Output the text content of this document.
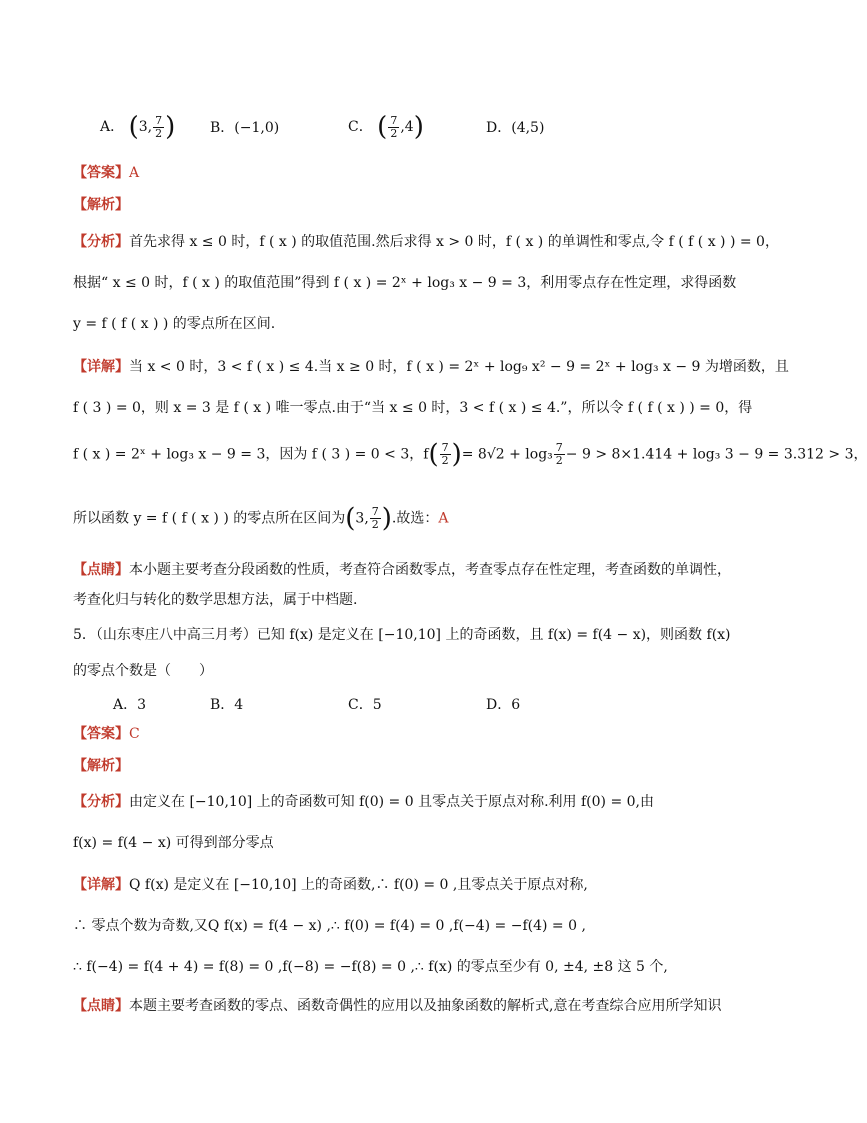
A． (3, $\frac{7}{2}$ ) B．(−1,0)	C． ( $\frac{7}{2} ,4$)	D．(4,5)
【答案】A
【解析】
【分析】首先求得 x ≤ 0 时，f ( x ) 的取值范围.然后求得 x > 0 时，f ( x ) 的单调性和零点,令 f ( f ( x ) ) = 0，
根据“ x ≤ 0 时，f ( x ) 的取值范围”得到 f ( x ) = 2ˣ + log₃ x − 9 = 3，利用零点存在性定理，求得函数
y = f ( f ( x ) ) 的零点所在区间.
【详解】当 x < 0 时，3 < f ( x ) ≤ 4.当 x ≥ 0 时，f ( x ) = 2ˣ + log₉ x² − 9 = 2ˣ + log₃ x − 9 为增函数，且
f ( 3 ) = 0，则 x = 3 是 f ( x ) 唯一零点.由于“当 x ≤ 0 时，3 < f ( x ) ≤ 4.”，所以令 f ( f ( x ) ) = 0，得
f ( x ) = 2ˣ + log₃ x − 9 = 3，因为 f ( 3 ) = 0 < 3，$f( \frac{7}{2}$ )= $8√2 + \log_3 \frac{7}{2} - 9 > 8\times 1.414 + \log_3$ 3 − 9 = 3.312 > 3，
所以函数 y = f ( f ( x ) ) 的零点所在区间为(3, $\frac{7}{2}$ ).故选：A
【点睛】本小题主要考查分段函数的性质，考查符合函数零点，考查零点存在性定理，考查函数的单调性，
考查化归与转化的数学思想方法，属于中档题.
5．（山东枣庄八中高三月考）已知 f(x) 是定义在 [−10,10] 上的奇函数，且 f(x) = f(4 − x)，则函数 f(x)
的零点个数是（　　）
A．3	B．4	C．5	D．6
【答案】C
【解析】
【分析】由定义在 [−10,10] 上的奇函数可知 f(0) = 0 且零点关于原点对称.利用 f(0) = 0,由
f(x) = f(4 − x) 可得到部分零点
【详解】Q f(x) 是定义在 [−10,10] 上的奇函数,∴ f(0) = 0 ,且零点关于原点对称,
∴ 零点个数为奇数,又Q f(x) = f(4 − x) ,∴ f(0) = f(4) = 0 ,f(−4) = −f(4) = 0 ,
∴ f(−4) = f(4 + 4) = f(8) = 0 ,f(−8) = −f(8) = 0 ,∴ f(x) 的零点至少有 0, ±4, ±8 这 5 个,
【点睛】本题主要考查函数的零点、函数奇偶性的应用以及抽象函数的解析式,意在考查综合应用所学知识
